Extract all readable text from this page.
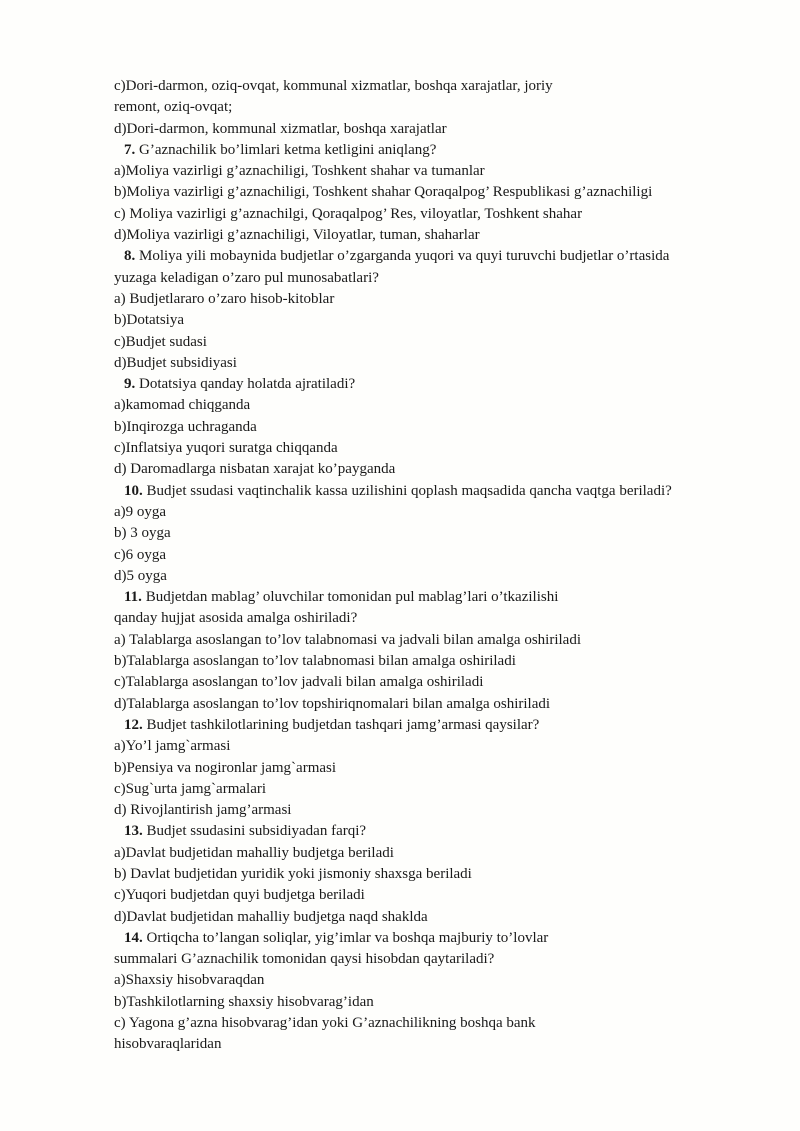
c)Dori-darmon, oziq-ovqat, kommunal xizmatlar, boshqa xarajatlar, joriy
remont, oziq-ovqat;
d)Dori-darmon, kommunal xizmatlar, boshqa xarajatlar
7. G’aznachilik bo’limlari ketma ketligini aniqlang?
a)Moliya vazirligi g’aznachiligi, Toshkent shahar va tumanlar
b)Moliya vazirligi g’aznachiligi, Toshkent shahar Qoraqalpog’ Respublikasi g’aznachiligi
c) Moliya vazirligi g’aznachilgi, Qoraqalpog’ Res, viloyatlar, Toshkent shahar
d)Moliya vazirligi g’aznachiligi, Viloyatlar, tuman, shaharlar
8. Moliya yili mobaynida budjetlar o’zgarganda yuqori va quyi turuvchi budjetlar o’rtasida
yuzaga keladigan o’zaro pul munosabatlari?
a) Budjetlararo o’zaro hisob-kitoblar
b)Dotatsiya
c)Budjet sudasi
d)Budjet subsidiyasi
9. Dotatsiya qanday holatda ajratiladi?
a)kamomad chiqganda
b)Inqirozga uchraganda
c)Inflatsiya yuqori suratga chiqqanda
d) Daromadlarga nisbatan xarajat ko’payganda
10. Budjet ssudasi vaqtinchalik kassa uzilishini qoplash maqsadida qancha vaqtga beriladi?
a)9 oyga
b) 3 oyga
c)6 oyga
d)5 oyga
11. Budjetdan mablag’ oluvchilar tomonidan pul mablag’lari o’tkazilishi
qanday hujjat asosida amalga oshiriladi?
a) Talablarga asoslangan to’lov talabnomasi va jadvali bilan amalga oshiriladi
b)Talablarga asoslangan to’lov talabnomasi bilan amalga oshiriladi
c)Talablarga asoslangan to’lov jadvali bilan amalga oshiriladi
d)Talablarga asoslangan to’lov topshiriqnomalari bilan amalga oshiriladi
12. Budjet tashkilotlarining budjetdan tashqari jamg’armasi qaysilar?
a)Yo’l jamg`armasi
b)Pensiya va nogironlar jamg`armasi
c)Sug`urta jamg`armalari
d) Rivojlantirish jamg’armasi
13. Budjet ssudasini subsidiyadan farqi?
a)Davlat budjetidan mahalliy budjetga beriladi
b) Davlat budjetidan yuridik yoki jismoniy shaxsga beriladi
c)Yuqori budjetdan quyi budjetga beriladi
d)Davlat budjetidan mahalliy budjetga naqd shaklda
14. Ortiqcha to’langan soliqlar, yig’imlar va boshqa majburiy to’lovlar
summalari G’aznachilik tomonidan qaysi hisobdan qaytariladi?
a)Shaxsiy hisobvaraqdan
b)Tashkilotlarning shaxsiy hisobvarag’idan
c) Yagona g’azna hisobvarag’idan yoki G’aznachilikning boshqa bank
hisobvaraqlaridan
